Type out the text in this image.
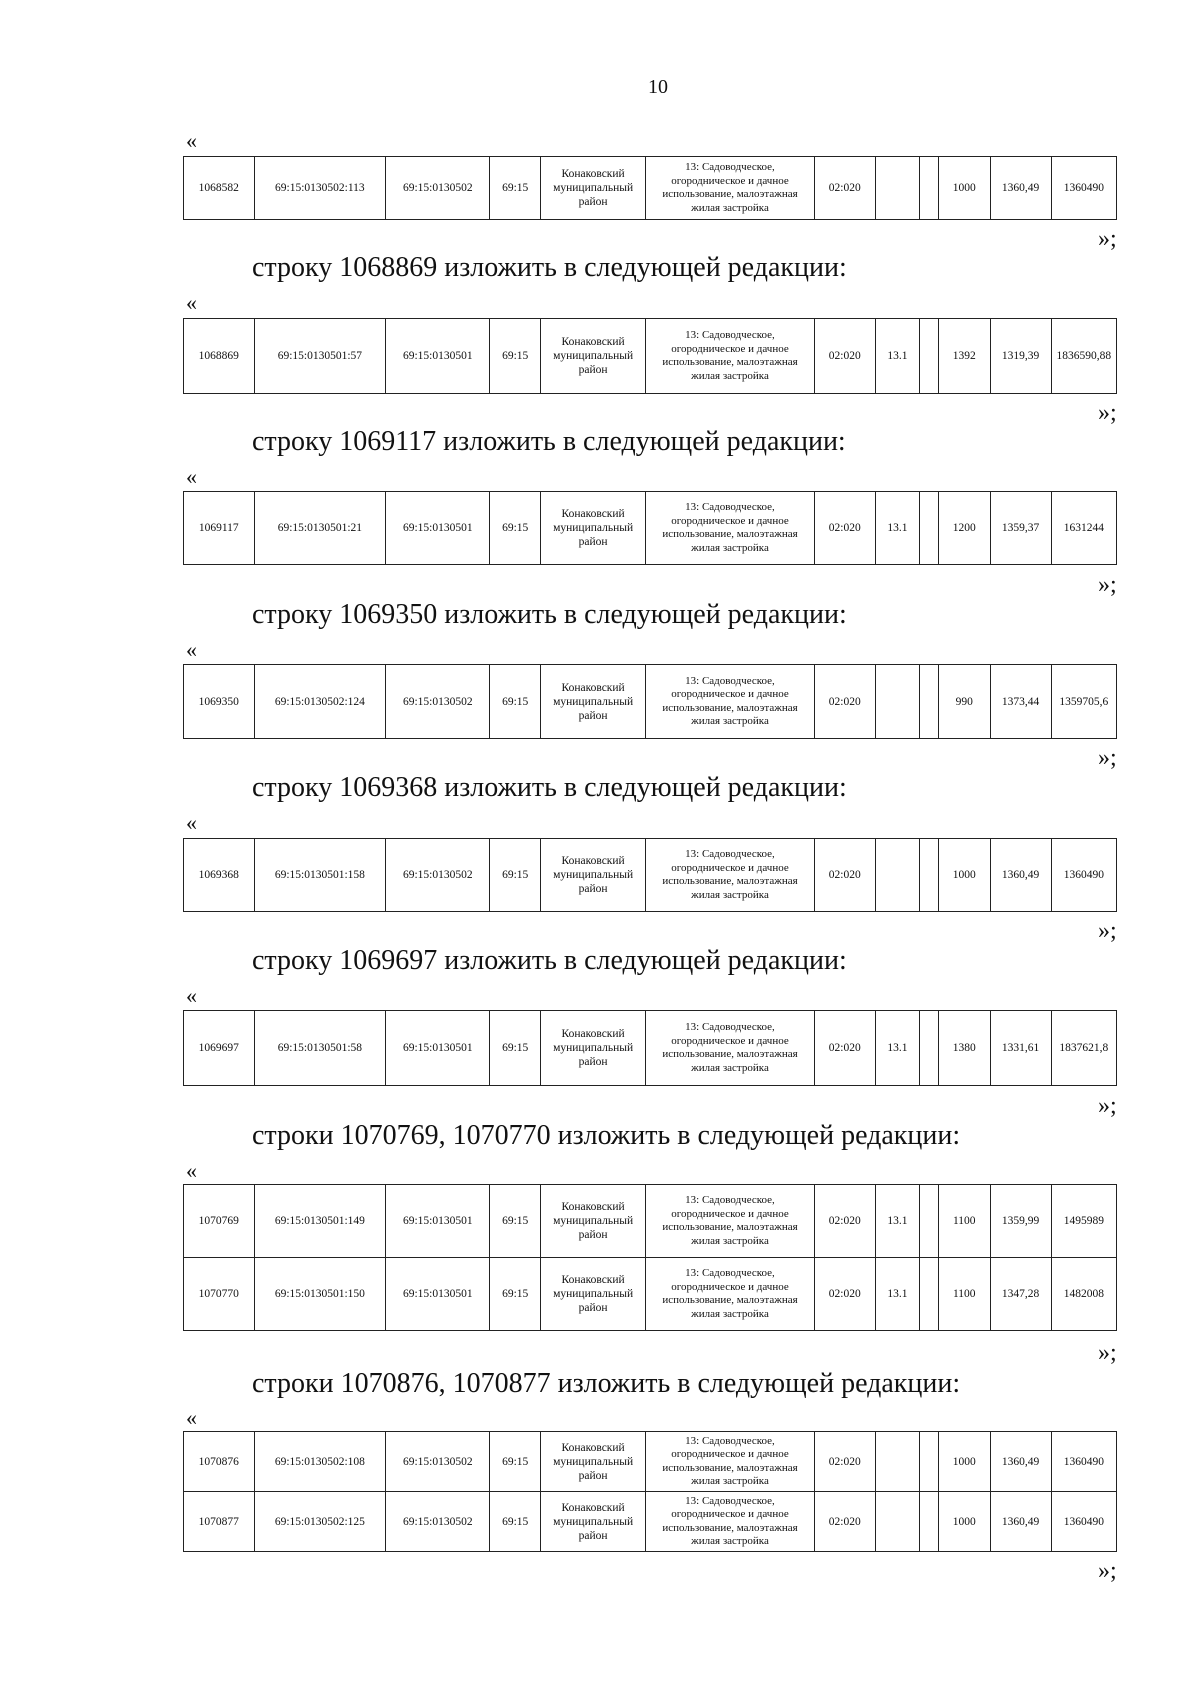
10
«
1068582	69:15:0130502:113	69:15:0130502	69:15	Конаковский муниципальный район	13: Садоводческое, огородническое и дачное использование, малоэтажная жилая застройка	02:020			1000	1360,49	1360490
»;
строку 1068869 изложить в следующей редакции:
«
1068869	69:15:0130501:57	69:15:0130501	69:15	Конаковский муниципальный район	13: Садоводческое, огородническое и дачное использование, малоэтажная жилая застройка	02:020	13.1		1392	1319,39	1836590,88
»;
строку 1069117 изложить в следующей редакции:
«
1069117	69:15:0130501:21	69:15:0130501	69:15	Конаковский муниципальный район	13: Садоводческое, огородническое и дачное использование, малоэтажная жилая застройка	02:020	13.1		1200	1359,37	1631244
»;
строку 1069350 изложить в следующей редакции:
«
1069350	69:15:0130502:124	69:15:0130502	69:15	Конаковский муниципальный район	13: Садоводческое, огородническое и дачное использование, малоэтажная жилая застройка	02:020			990	1373,44	1359705,6
»;
строку 1069368 изложить в следующей редакции:
«
1069368	69:15:0130501:158	69:15:0130502	69:15	Конаковский муниципальный район	13: Садоводческое, огородническое и дачное использование, малоэтажная жилая застройка	02:020			1000	1360,49	1360490
»;
строку 1069697 изложить в следующей редакции:
«
1069697	69:15:0130501:58	69:15:0130501	69:15	Конаковский муниципальный район	13: Садоводческое, огородническое и дачное использование, малоэтажная жилая застройка	02:020	13.1		1380	1331,61	1837621,8
»;
строки 1070769, 1070770 изложить в следующей редакции:
«
1070769	69:15:0130501:149	69:15:0130501	69:15	Конаковский муниципальный район	13: Садоводческое, огородническое и дачное использование, малоэтажная жилая застройка	02:020	13.1		1100	1359,99	1495989
1070770	69:15:0130501:150	69:15:0130501	69:15	Конаковский муниципальный район	13: Садоводческое, огородническое и дачное использование, малоэтажная жилая застройка	02:020	13.1		1100	1347,28	1482008
»;
строки 1070876, 1070877 изложить в следующей редакции:
«
1070876	69:15:0130502:108	69:15:0130502	69:15	Конаковский муниципальный район	13: Садоводческое, огородническое и дачное использование, малоэтажная жилая застройка	02:020			1000	1360,49	1360490
1070877	69:15:0130502:125	69:15:0130502	69:15	Конаковский муниципальный район	13: Садоводческое, огородническое и дачное использование, малоэтажная жилая застройка	02:020			1000	1360,49	1360490
»;
